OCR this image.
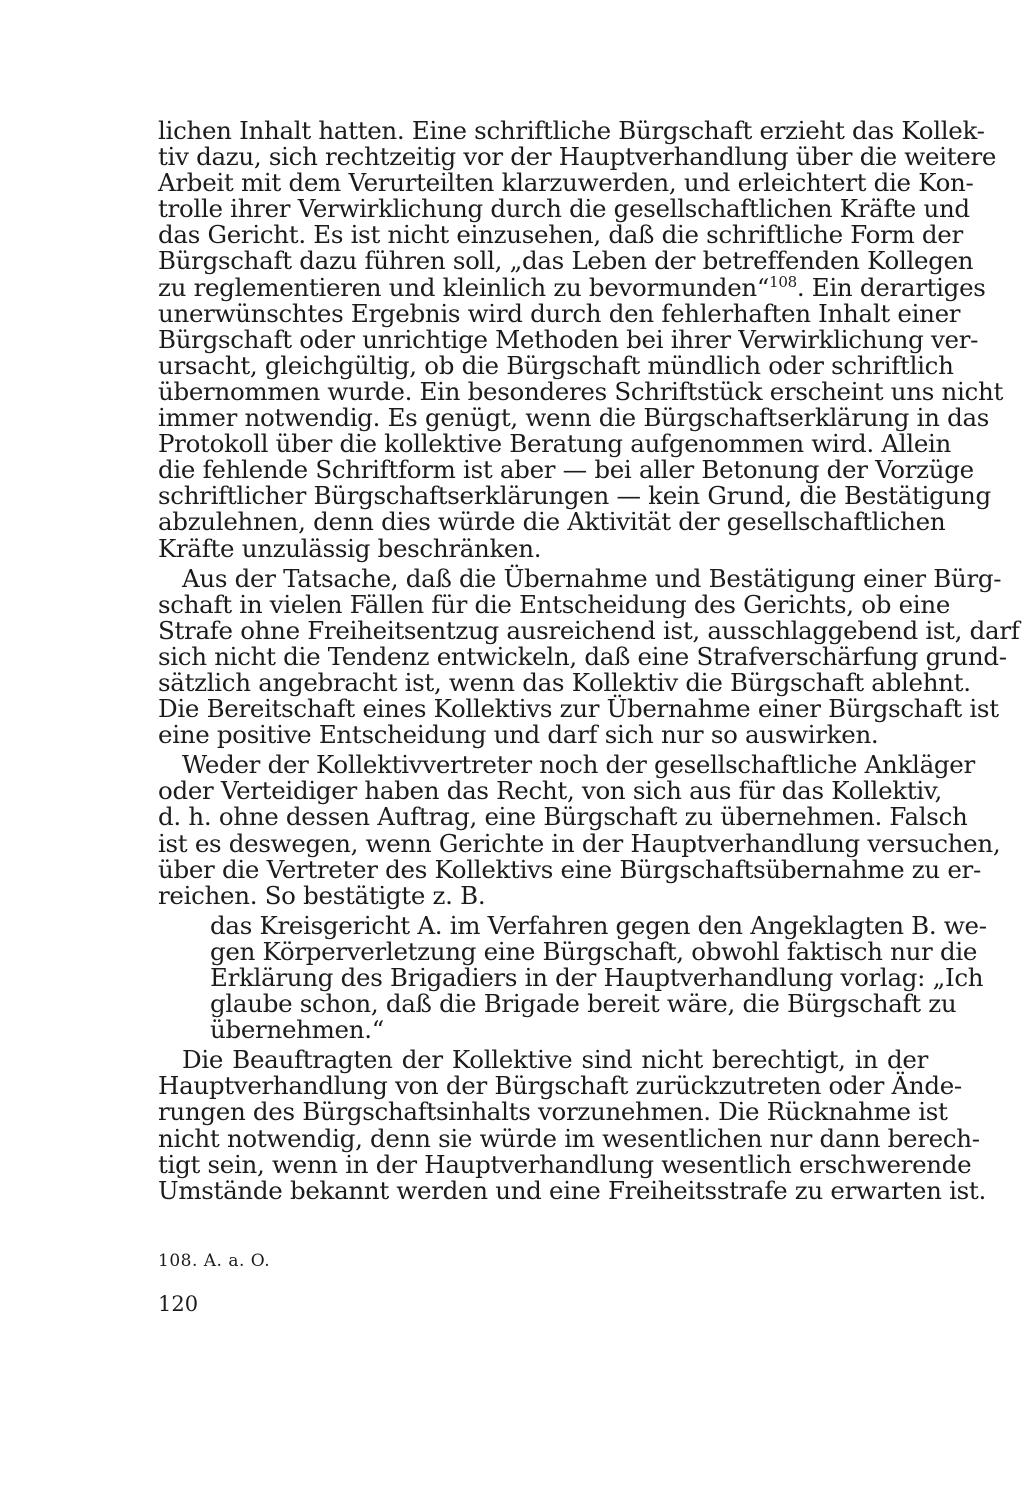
lichen Inhalt hatten. Eine schriftliche Bürgschaft erzieht das Kollek-
tiv dazu, sich rechtzeitig vor der Hauptverhandlung über die weitere
Arbeit mit dem Verurteilten klarzuwerden, und erleichtert die Kon-
trolle ihrer Verwirklichung durch die gesellschaftlichen Kräfte und
das Gericht. Es ist nicht einzusehen, daß die schriftliche Form der
Bürgschaft dazu führen soll, „das Leben der betreffenden Kollegen
zu reglementieren und kleinlich zu bevormunden“$^{108}$. Ein derartiges
unerwünschtes Ergebnis wird durch den fehlerhaften Inhalt einer
Bürgschaft oder unrichtige Methoden bei ihrer Verwirklichung ver-
ursacht, gleichgültig, ob die Bürgschaft mündlich oder schriftlich
übernommen wurde. Ein besonderes Schriftstück erscheint uns nicht
immer notwendig. Es genügt, wenn die Bürgschaftserklärung in das
Protokoll über die kollektive Beratung aufgenommen wird. Allein
die fehlende Schriftform ist aber — bei aller Betonung der Vorzüge
schriftlicher Bürgschaftserklärungen — kein Grund, die Bestätigung
abzulehnen, denn dies würde die Aktivität der gesellschaftlichen
Kräfte unzulässig beschränken.
Aus der Tatsache, daß die Übernahme und Bestätigung einer Bürg-
schaft in vielen Fällen für die Entscheidung des Gerichts, ob eine
Strafe ohne Freiheitsentzug ausreichend ist, ausschlaggebend ist, darf
sich nicht die Tendenz entwickeln, daß eine Strafverschärfung grund-
sätzlich angebracht ist, wenn das Kollektiv die Bürgschaft ablehnt.
Die Bereitschaft eines Kollektivs zur Übernahme einer Bürgschaft ist
eine positive Entscheidung und darf sich nur so auswirken.
Weder der Kollektivvertreter noch der gesellschaftliche Ankläger
oder Verteidiger haben das Recht, von sich aus für das Kollektiv,
d. h. ohne dessen Auftrag, eine Bürgschaft zu übernehmen. Falsch
ist es deswegen, wenn Gerichte in der Hauptverhandlung versuchen,
über die Vertreter des Kollektivs eine Bürgschaftsübernahme zu er-
reichen. So bestätigte z. B.
das Kreisgericht A. im Verfahren gegen den Angeklagten B. we-
gen Körperverletzung eine Bürgschaft, obwohl faktisch nur die
Erklärung des Brigadiers in der Hauptverhandlung vorlag: „Ich
glaube schon, daß die Brigade bereit wäre, die Bürgschaft zu
übernehmen.“
Die Beauftragten der Kollektive sind nicht berechtigt, in der
Hauptverhandlung von der Bürgschaft zurückzutreten oder Ände-
rungen des Bürgschaftsinhalts vorzunehmen. Die Rücknahme ist
nicht notwendig, denn sie würde im wesentlichen nur dann berech-
tigt sein, wenn in der Hauptverhandlung wesentlich erschwerende
Umstände bekannt werden und eine Freiheitsstrafe zu erwarten ist.
108. A. a. O.
120
